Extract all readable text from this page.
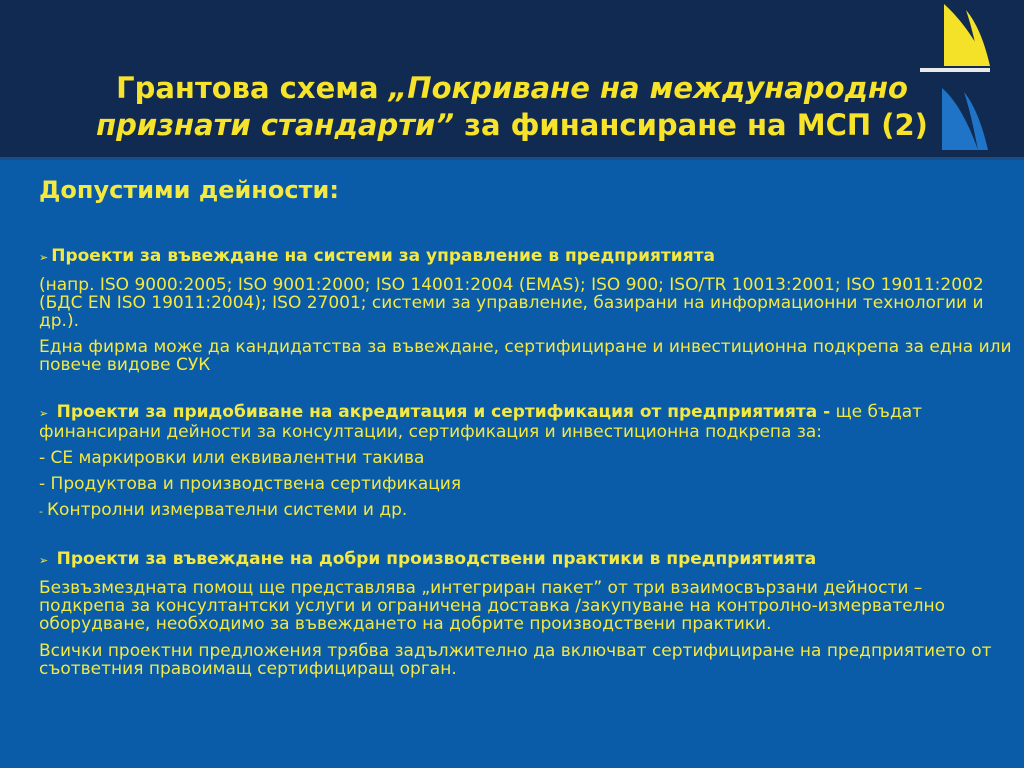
Грантова схема „Покриване на международно
признати стандарти” за финансиране на МСП (2)

Допустими дейности:

➢ Проекти за въвеждане на системи за управление в предприятията

(напр. ISO 9000:2005; ISO 9001:2000; ISO 14001:2004 (EMAS); ISO 900; ISO/TR 10013:2001; ISO 19011:2002 (БДС EN ISO 19011:2004); ISO 27001; системи за управление, базирани на информационни технологии и др.).

Една фирма може да кандидатства за въвеждане, сертифициране и инвестиционна подкрепа за една или повече видове СУК

➢ Проекти за придобиване на акредитация и сертификация от предприятията - ще бъдат финансирани дейности за консултации, сертификация и инвестиционна подкрепа за:

- CE маркировки или еквивалентни такива

- Продуктова и производствена сертификация

- Контролни измервателни системи и др.

➢ Проекти за въвеждане на добри производствени практики в предприятията

Безвъзмездната помощ ще представлява „интегриран пакет” от три взаимосвързани дейности – подкрепа за консултантски услуги и ограничена доставка /закупуване на контролно-измервателно оборудване, необходимо за въвеждането на добрите производствени практики.

Всички проектни предложения трябва задължително да включват сертифициране на предприятието от съответния правоимащ сертифициращ орган.
